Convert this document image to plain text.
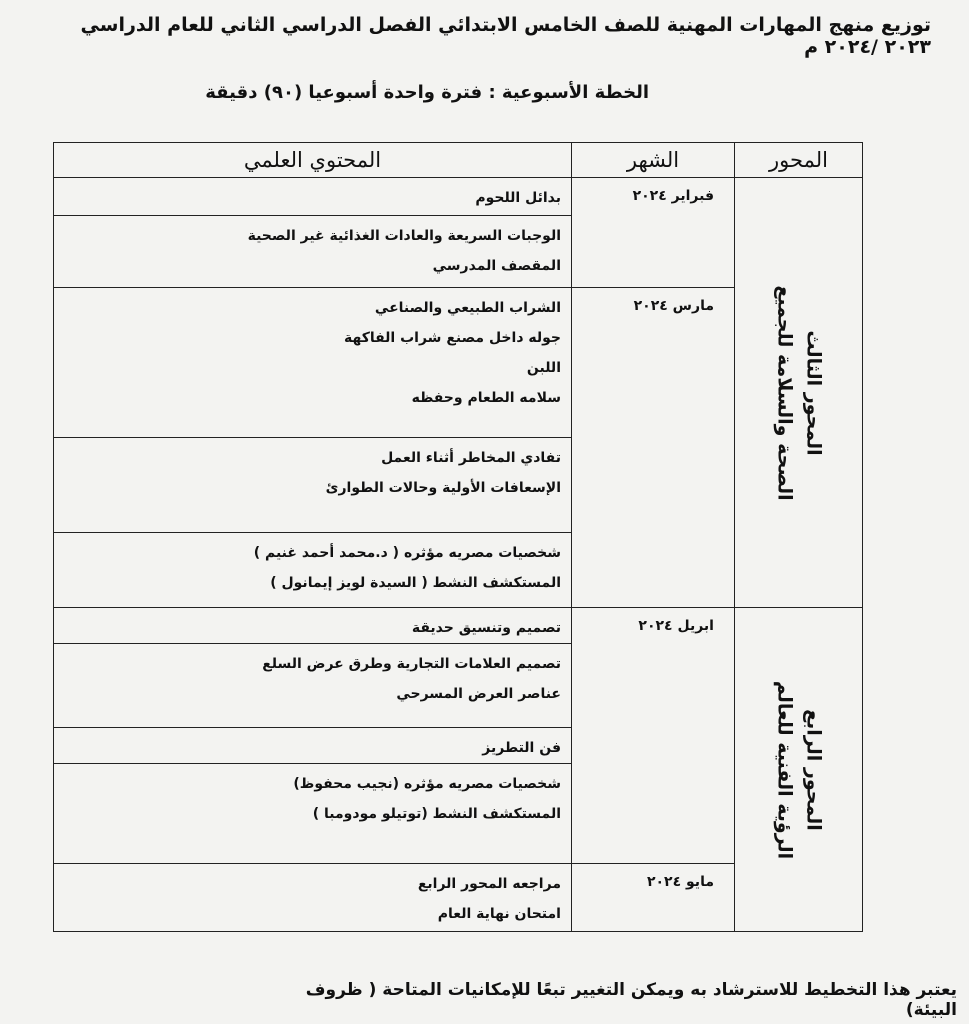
توزيع منهج المهارات المهنية للصف الخامس الابتدائي الفصل الدراسي الثاني للعام الدراسي ٢٠٢٣ /٢٠٢٤ م
الخطة الأسبوعية : فترة واحدة أسبوعيا (٩٠) دقيقة
المحور	الشهر	المحتوي العلمي

المحور الثالث
الصحة والسلامة للجميع	فبراير ٢٠٢٤	بدائل اللحوم

		الوجبات السريعة والعادات الغذائية غير الصحية
المقصف المدرسي

	مارس ٢٠٢٤	الشراب الطبيعي والصناعي
جوله داخل مصنع شراب الفاكهة
اللبن
سلامه الطعام وحفظه

		تفادي المخاطر أثناء العمل
الإسعافات الأولية وحالات الطوارئ

		شخصيات مصريه مؤثره ( د.محمد أحمد غنيم )
المستكشف النشط ( السيدة لويز إيمانول )

المحور الرابع
الرؤية الفنية للعالم	ابريل ٢٠٢٤	تصميم وتنسيق حديقة

		تصميم العلامات التجارية وطرق عرض السلع
عناصر العرض المسرحي

		فن التطريز

		شخصيات مصريه مؤثره (نجيب محفوظ)
المستكشف النشط (توتيلو مودومبا )

	مايو ٢٠٢٤	مراجعه المحور الرابع
امتحان نهاية العام
يعتبر هذا التخطيط للاسترشاد به ويمكن التغيير تبعًا للإمكانيات المتاحة ( ظروف البيئة)
